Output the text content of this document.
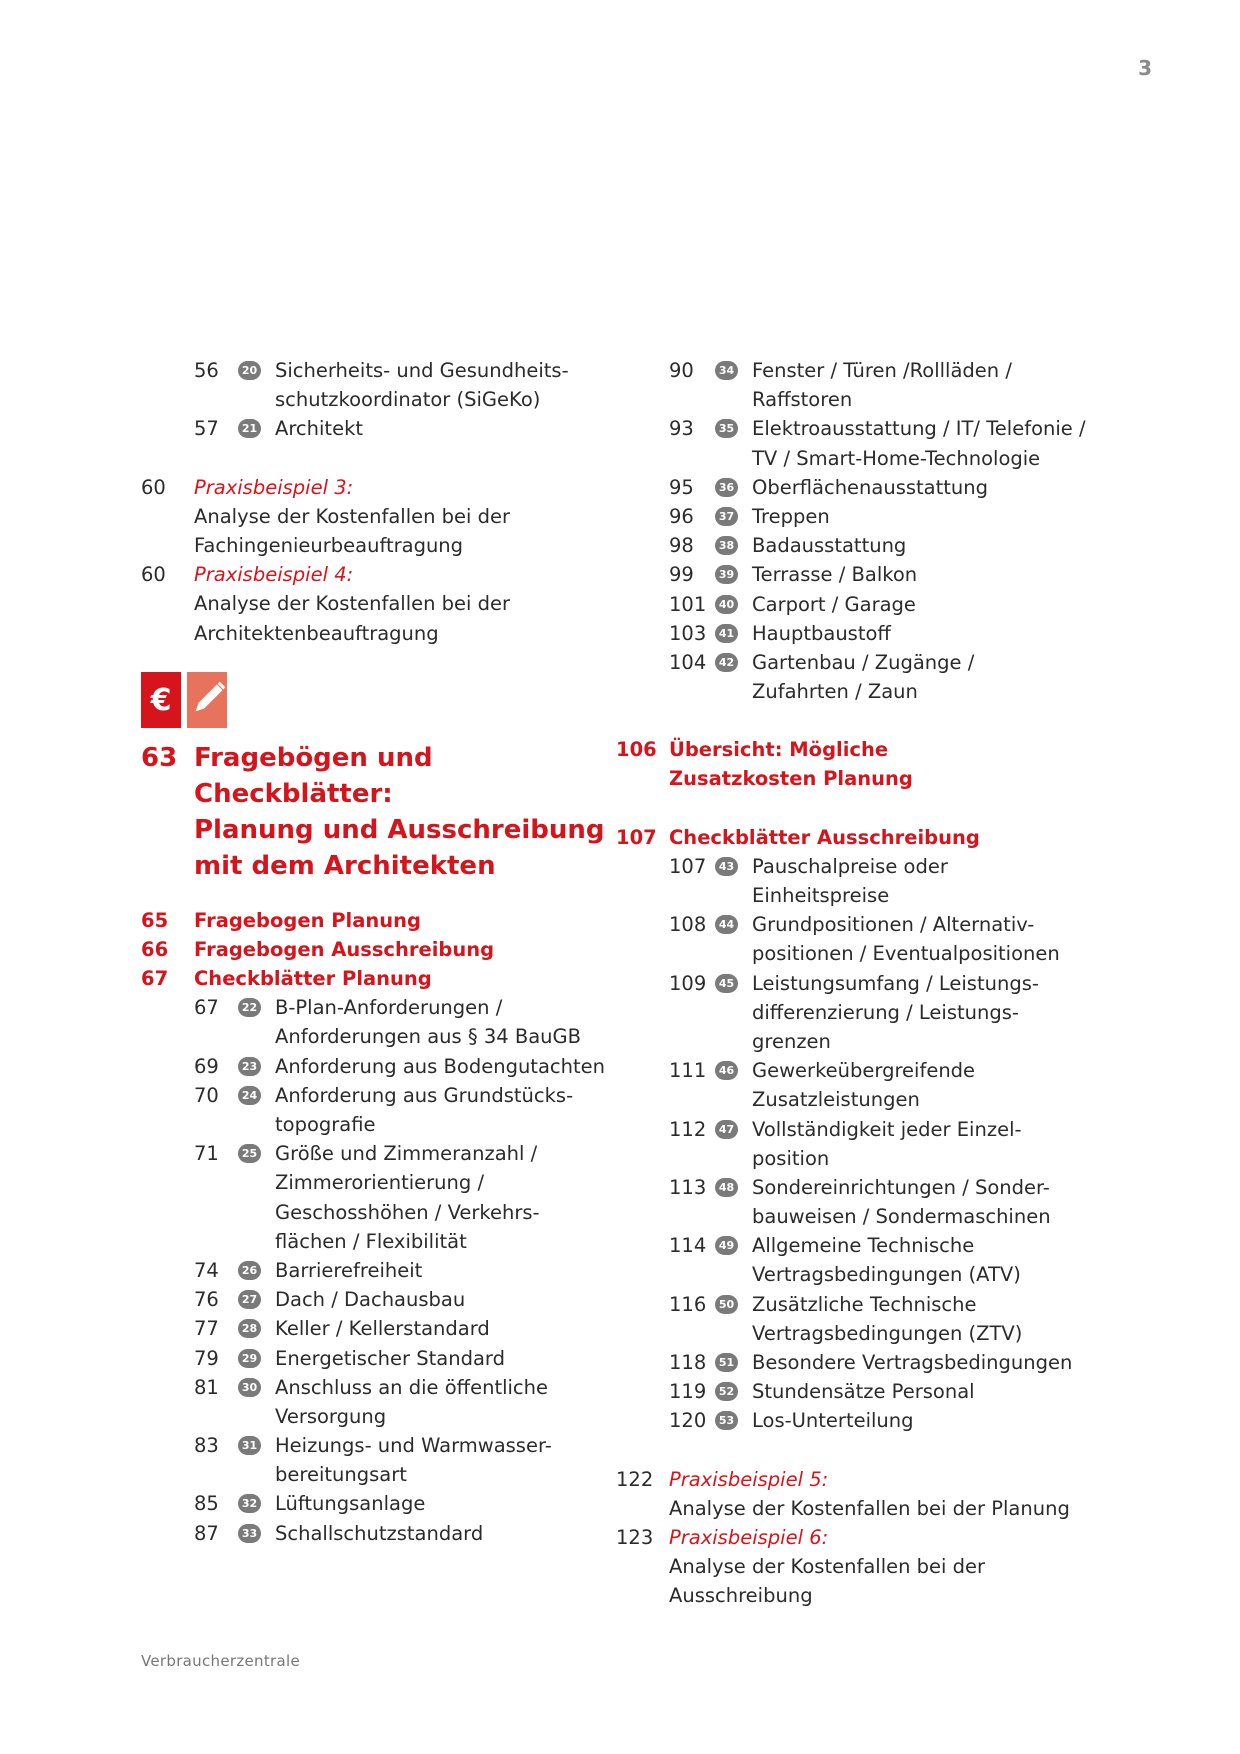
3
56	20 Sicherheits- und Gesundheits-
schutzkoordinator (SiGeKo)
57	21 Architekt
60 Praxisbeispiel 3:
Analyse der Kostenfallen bei der
Fachingenieurbeauftragung
60 Praxisbeispiel 4:
Analyse der Kostenfallen bei der
Architektenbeauftragung
€
63 Fragebögen und Checkblätter:
Planung und Ausschreibung
mit dem Architekten
65 Fragebogen Planung
66 Fragebogen Ausschreibung
67 Checkblätter Planung
67	22 B-Plan-Anforderungen /
Anforderungen aus § 34 BauGB
69	23 Anforderung aus Bodengutachten
70	24 Anforderung aus Grundstücks-
topografie
71	25 Größe und Zimmeranzahl /
Zimmerorientierung /
Geschosshöhen / Verkehrs-
flächen / Flexibilität
74	26 Barrierefreiheit
76	27 Dach / Dachausbau
77	28 Keller / Kellerstandard
79	29 Energetischer Standard
81	30 Anschluss an die öffentliche
Versorgung
83	31 Heizungs- und Warmwasser-
bereitungsart
85	32 Lüftungsanlage
87	33 Schallschutzstandard
90	34 Fenster / Türen /Rollläden /
Raffstoren
93	35 Elektroausstattung / IT/ Telefonie /
TV / Smart-Home-Technologie
95	36 Oberflächenausstattung
96	37 Treppen
98	38 Badausstattung
99	39 Terrasse / Balkon
101	40 Carport / Garage
103	41 Hauptbaustoff
104	42 Gartenbau / Zugänge /
Zufahrten / Zaun
106 Übersicht: Mögliche
Zusatzkosten Planung
107 Checkblätter Ausschreibung
107	43 Pauschalpreise oder
Einheitspreise
108	44 Grundpositionen / Alternativ-
positionen / Eventualpositionen
109	45 Leistungsumfang / Leistungs-
differenzierung / Leistungs-
grenzen
111	46 Gewerkeübergreifende
Zusatzleistungen
112	47 Vollständigkeit jeder Einzel-
position
113	48 Sondereinrichtungen / Sonder-
bauweisen / Sondermaschinen
114	49 Allgemeine Technische
Vertragsbedingungen (ATV)
116	50 Zusätzliche Technische
Vertragsbedingungen (ZTV)
118	51 Besondere Vertragsbedingungen
119	52 Stundensätze Personal
120	53 Los-Unterteilung
122 Praxisbeispiel 5:
Analyse der Kostenfallen bei der Planung
123 Praxisbeispiel 6:
Analyse der Kostenfallen bei der
Ausschreibung
Verbraucherzentrale
